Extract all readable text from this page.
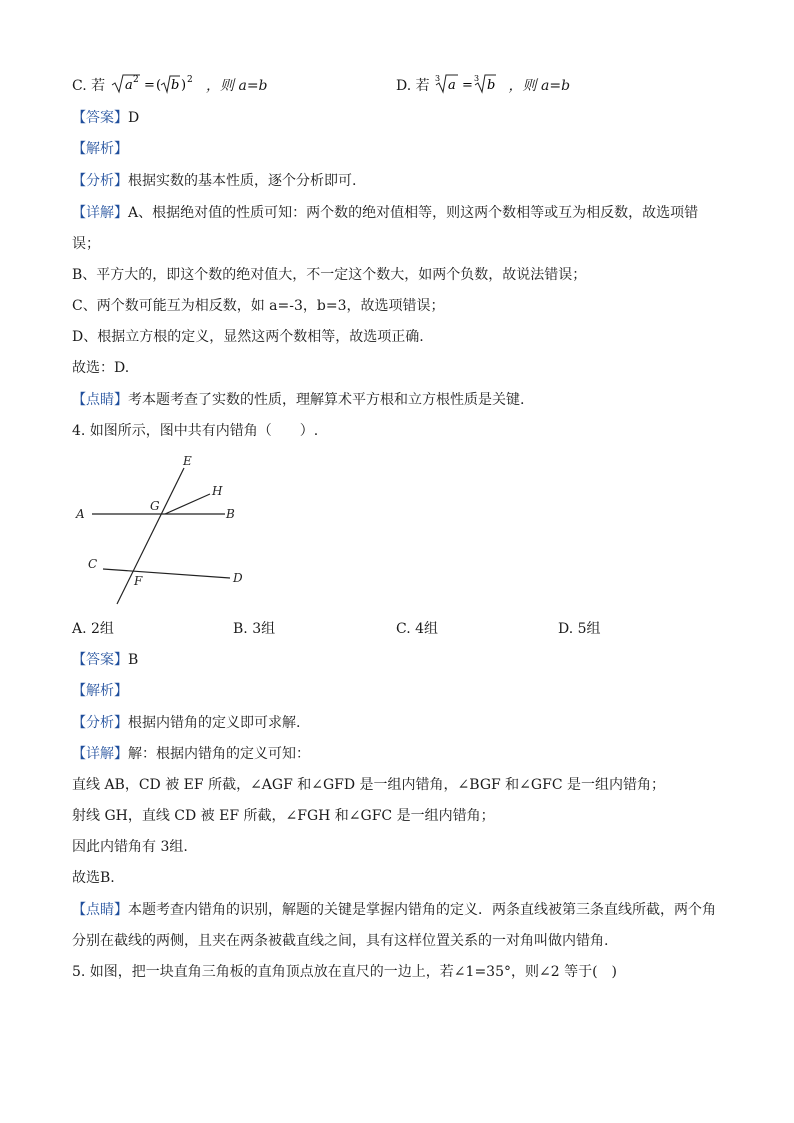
C. 若 a 2 = ( b ) 2 ，则 a=b	D. 若 3 a = 3 b ，则 a=b
【答案】D
【解析】
【分析】根据实数的基本性质，逐个分析即可.
【详解】A、根据绝对值的性质可知：两个数的绝对值相等，则这两个数相等或互为相反数，故选项错
误；
B、平方大的，即这个数的绝对值大，不一定这个数大，如两个负数，故说法错误；
C、两个数可能互为相反数，如 a=-3，b=3，故选项错误；
D、根据立方根的定义，显然这两个数相等，故选项正确.
故选：D.
【点睛】考本题考查了实数的性质，理解算术平方根和立方根性质是关键.
4. 如图所示，图中共有内错角（　　）.
E
H
G
A	B
C
F	D
A. 2组	B. 3组	C. 4组	D. 5组
【答案】B
【解析】
【分析】根据内错角的定义即可求解.
【详解】解：根据内错角的定义可知：
直线 AB，CD 被 EF 所截，∠AGF 和∠GFD 是一组内错角，∠BGF 和∠GFC 是一组内错角；
射线 GH，直线 CD 被 EF 所截，∠FGH 和∠GFC 是一组内错角；
因此内错角有 3组.
故选B.
【点睛】本题考查内错角的识别，解题的关键是掌握内错角的定义．两条直线被第三条直线所截，两个角
分别在截线的两侧，且夹在两条被截直线之间，具有这样位置关系的一对角叫做内错角.
5. 如图，把一块直角三角板的直角顶点放在直尺的一边上，若∠1=35°，则∠2 等于(　)
